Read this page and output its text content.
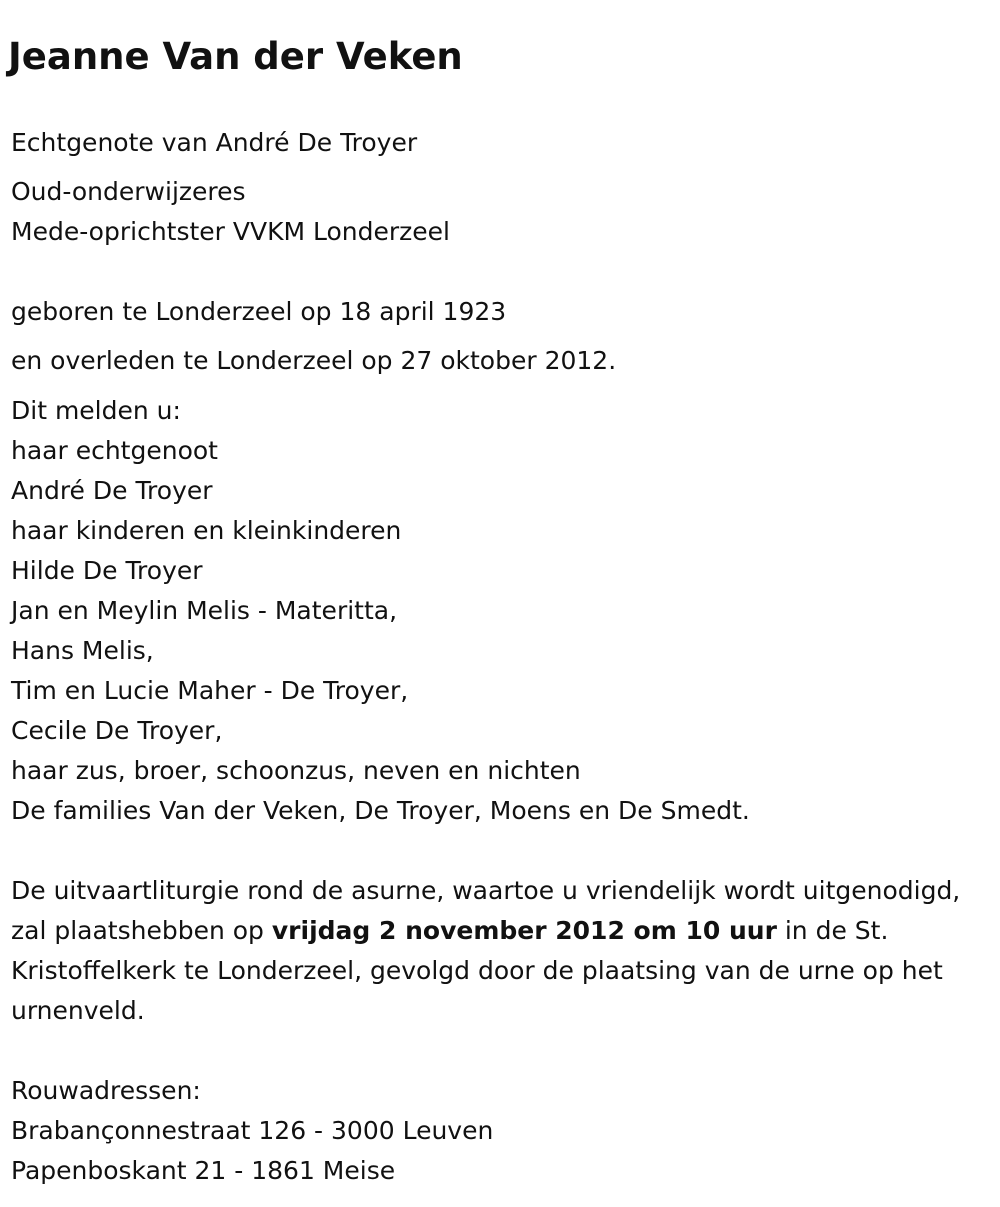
Jeanne Van der Veken

Echtgenote van André De Troyer

Oud-onderwijzeres

Mede-oprichtster VVKM Londerzeel

geboren te Londerzeel op 18 april 1923

en overleden te Londerzeel op 27 oktober 2012.

Dit melden u:

haar echtgenoot

André De Troyer

haar kinderen en kleinkinderen

Hilde De Troyer

Jan en Meylin Melis - Materitta,

Hans Melis,

Tim en Lucie Maher - De Troyer,

Cecile De Troyer,

haar zus, broer, schoonzus, neven en nichten

De families Van der Veken, De Troyer, Moens en De Smedt.

De uitvaartliturgie rond de asurne, waartoe u vriendelijk wordt uitgenodigd, zal plaatshebben op vrijdag 2 november 2012 om 10 uur in de St. Kristoffelkerk te Londerzeel, gevolgd door de plaatsing van de urne op het urnenveld.

Rouwadressen:

Brabançonnestraat 126 - 3000 Leuven

Papenboskant 21 - 1861 Meise
